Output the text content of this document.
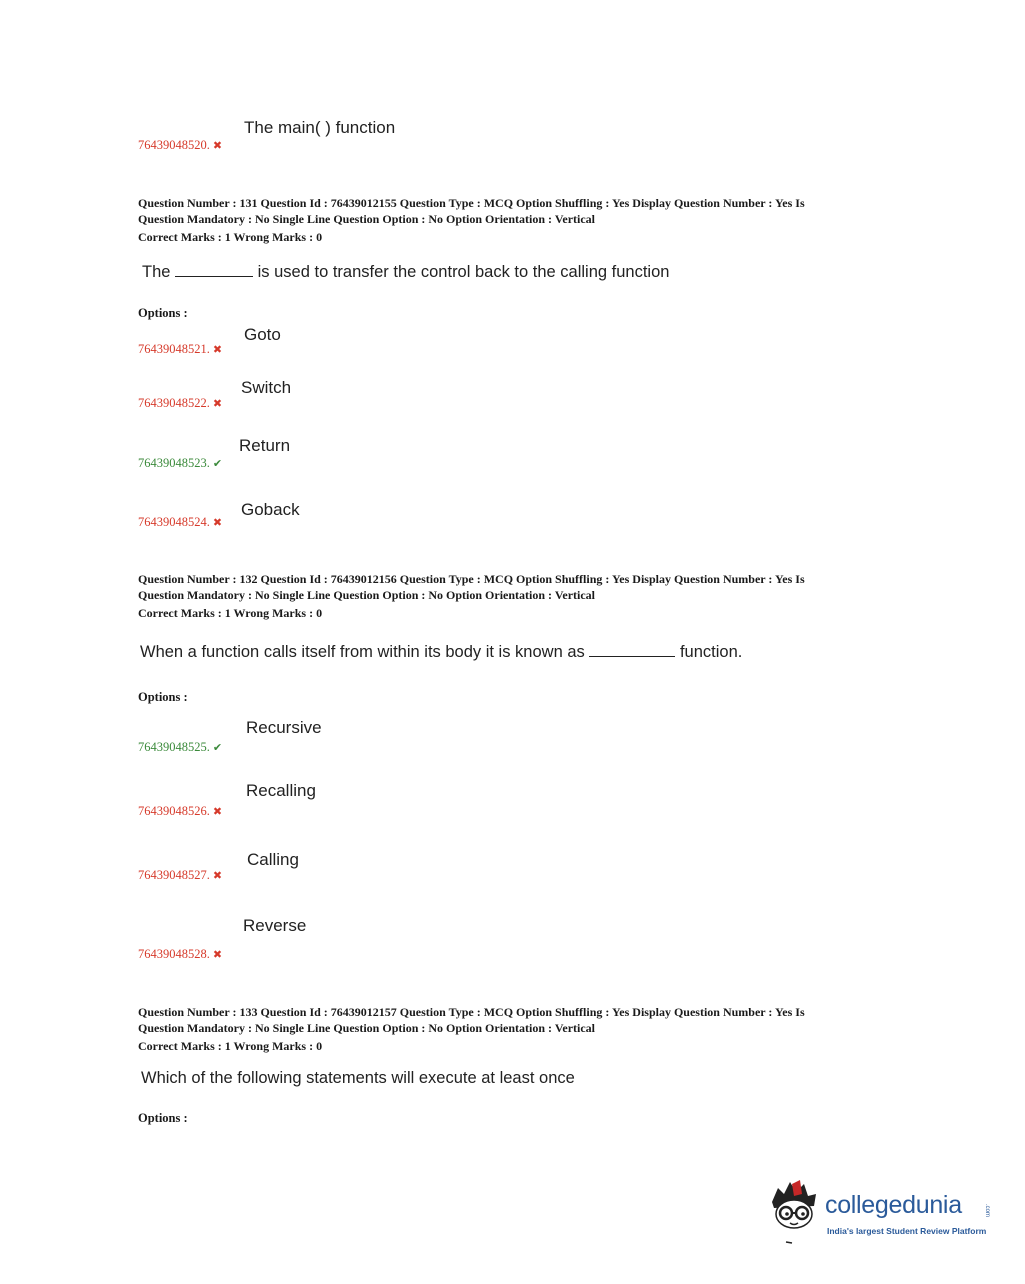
The main( ) function
76439048520. ✖
Question Number : 131 Question Id : 76439012155 Question Type : MCQ Option Shuffling : Yes Display Question Number : Yes Is
Question Mandatory : No Single Line Question Option : No Option Orientation : Vertical
Correct Marks : 1 Wrong Marks : 0
The	is used to transfer the control back to the calling function
Options :
Goto
76439048521. ✖
Switch
76439048522. ✖
Return
76439048523. ✔
Goback
76439048524. ✖
Question Number : 132 Question Id : 76439012156 Question Type : MCQ Option Shuffling : Yes Display Question Number : Yes Is
Question Mandatory : No Single Line Question Option : No Option Orientation : Vertical
Correct Marks : 1 Wrong Marks : 0
When a function calls itself from within its body it is known as	function.
Options :
Recursive
76439048525. ✔
Recalling
76439048526. ✖
Calling
76439048527. ✖
Reverse
76439048528. ✖
Question Number : 133 Question Id : 76439012157 Question Type : MCQ Option Shuffling : Yes Display Question Number : Yes Is
Question Mandatory : No Single Line Question Option : No Option Orientation : Vertical
Correct Marks : 1 Wrong Marks : 0
Which of the following statements will execute at least once
Options :
collegedunia	.com
India's largest Student Review Platform
